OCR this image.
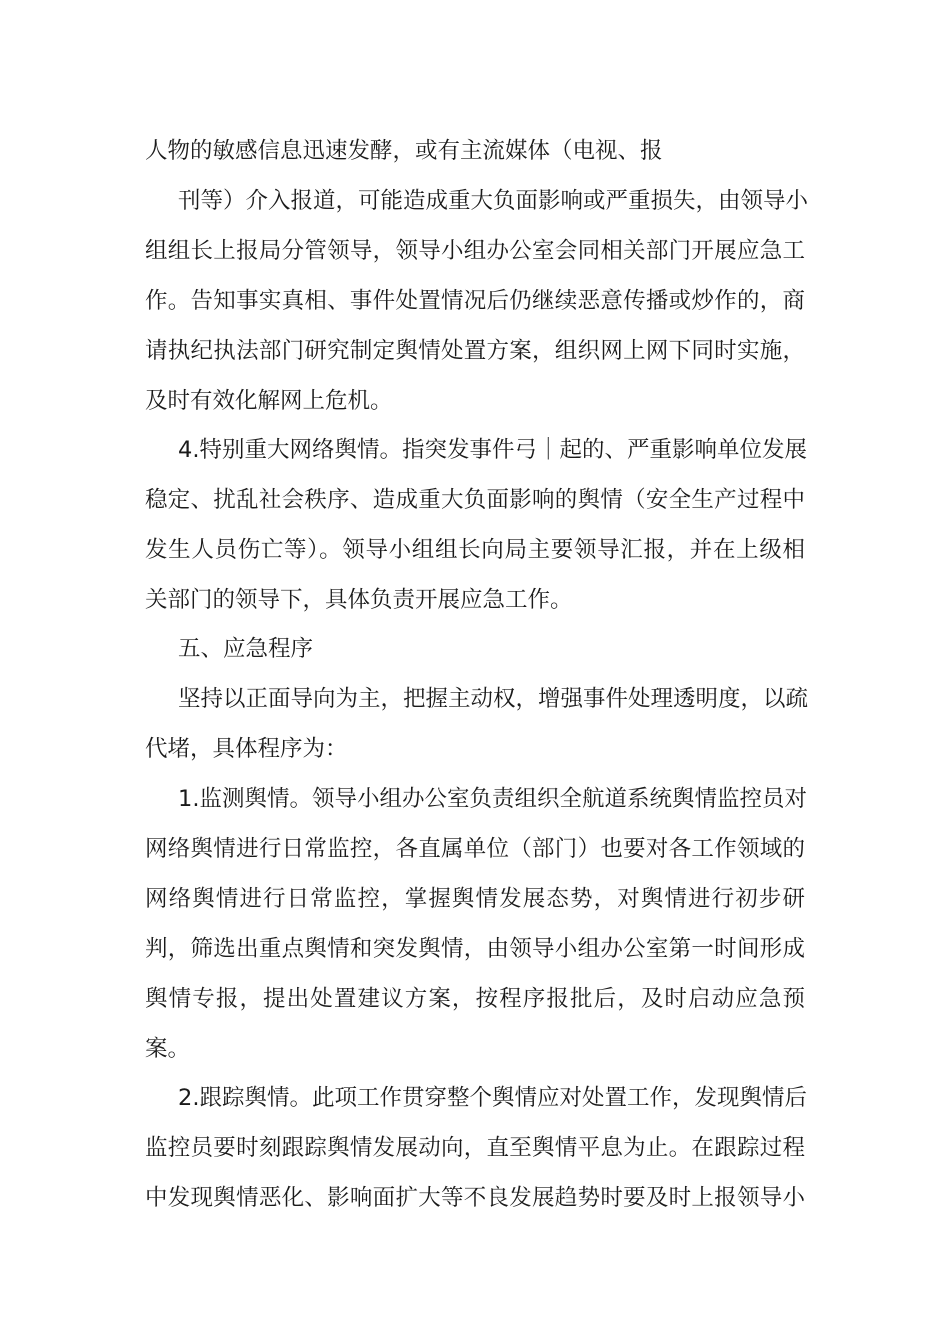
人物的敏感信息迅速发酵，或有主流媒体（电视、报
刊等）介入报道，可能造成重大负面影响或严重损失，由领导小
组组长上报局分管领导，领导小组办公室会同相关部门开展应急工
作。告知事实真相、事件处置情况后仍继续恶意传播或炒作的，商
请执纪执法部门研究制定舆情处置方案，组织网上网下同时实施，
及时有效化解网上危机。
4.特别重大网络舆情。指突发事件弓｜起的、严重影响单位发展
稳定、扰乱社会秩序、造成重大负面影响的舆情（安全生产过程中
发生人员伤亡等）。领导小组组长向局主要领导汇报，并在上级相
关部门的领导下，具体负责开展应急工作。
五、应急程序
坚持以正面导向为主，把握主动权，增强事件处理透明度，以疏
代堵，具体程序为：
1.监测舆情。领导小组办公室负责组织全航道系统舆情监控员对
网络舆情进行日常监控，各直属单位（部门）也要对各工作领域的
网络舆情进行日常监控，掌握舆情发展态势，对舆情进行初步研
判，筛选出重点舆情和突发舆情，由领导小组办公室第一时间形成
舆情专报，提出处置建议方案，按程序报批后，及时启动应急预
案。
2.跟踪舆情。此项工作贯穿整个舆情应对处置工作，发现舆情后
监控员要时刻跟踪舆情发展动向，直至舆情平息为止。在跟踪过程
中发现舆情恶化、影响面扩大等不良发展趋势时要及时上报领导小
